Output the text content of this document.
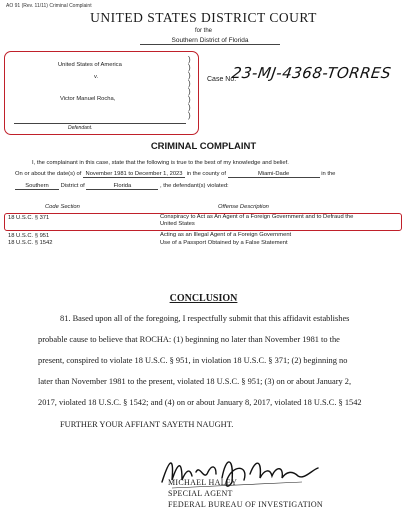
AO 91 (Rev. 11/11) Criminal Complaint
UNITED STATES DISTRICT COURT
for the
Southern District of Florida
United States of America
v.
Victor Manuel Rocha,
)
)
)
)
)
)
)
)
Defendant.
Case No.
23-MJ-4368-TORRES
CRIMINAL COMPLAINT
I, the complainant in this case, state that the following is true to the best of my knowledge and belief.
On or about the date(s) of November 1981 to December 1, 2023 in the county of	Miami-Dade	in the
Southern District of	Florida	, the defendant(s) violated:
Code Section	Offense Description
18 U.S.C. § 371	Conspiracy to Act as An Agent of a Foreign Government and to Defraud the
United States
18 U.S.C. § 951	Acting as an Illegal Agent of a Foreign Government
18 U.S.C. § 1542	Use of a Passport Obtained by a False Statement
CONCLUSION
81. Based upon all of the foregoing, I respectfully submit that this affidavit establishes
probable cause to believe that ROCHA: (1) beginning no later than November 1981 to the
present, conspired to violate 18 U.S.C. § 951, in violation 18 U.S.C. § 371; (2) beginning no
later than November 1981 to the present, violated 18 U.S.C. § 951; (3) on or about January 2,
2017, violated 18 U.S.C. § 1542; and (4) on or about January 8, 2017, violated 18 U.S.C. § 1542
FURTHER YOUR AFFIANT SAYETH NAUGHT.
MICHAEL HALEY
SPECIAL AGENT
FEDERAL BUREAU OF INVESTIGATION
